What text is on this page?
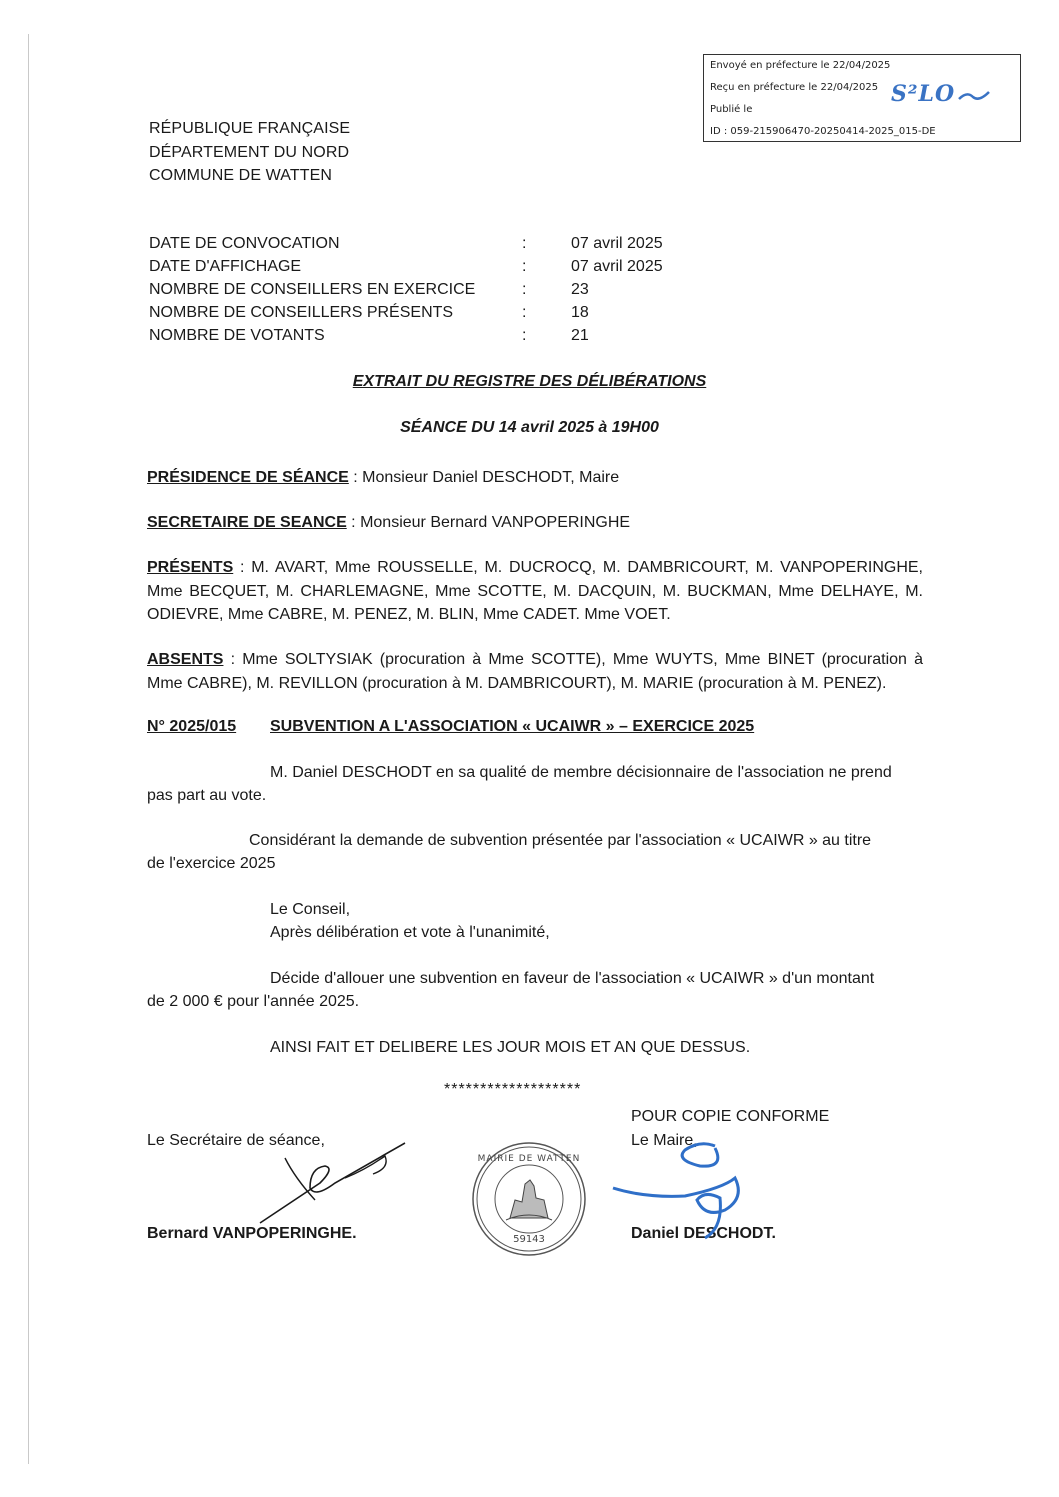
Envoyé en préfecture le 22/04/2025
Reçu en préfecture le 22/04/2025
Publié le
ID : 059-215906470-20250414-2025_015-DE
S²LO
RÉPUBLIQUE FRANÇAISE
DÉPARTEMENT DU NORD
COMMUNE DE WATTEN
DATE DE CONVOCATION	:	07 avril 2025
DATE D'AFFICHAGE	:	07 avril 2025
NOMBRE DE CONSEILLERS EN EXERCICE	:	23
NOMBRE DE CONSEILLERS PRÉSENTS	:	18
NOMBRE DE VOTANTS	:	21
EXTRAIT DU REGISTRE DES DÉLIBÉRATIONS
SÉANCE DU 14 avril 2025 à 19H00
PRÉSIDENCE DE SÉANCE : Monsieur Daniel DESCHODT, Maire
SECRETAIRE DE SEANCE : Monsieur Bernard VANPOPERINGHE
PRÉSENTS : M. AVART, Mme ROUSSELLE, M. DUCROCQ, M. DAMBRICOURT, M. VANPOPERINGHE, Mme BECQUET, M. CHARLEMAGNE, Mme SCOTTE, M. DACQUIN, M. BUCKMAN, Mme DELHAYE, M. ODIEVRE, Mme CABRE, M. PENEZ, M. BLIN, Mme CADET. Mme VOET.
ABSENTS : Mme SOLTYSIAK (procuration à Mme SCOTTE), Mme WUYTS, Mme BINET (procuration à Mme CABRE), M. REVILLON (procuration à M. DAMBRICOURT), M. MARIE (procuration à M. PENEZ).
N° 2025/015 SUBVENTION A L'ASSOCIATION « UCAIWR » – EXERCICE 2025
M. Daniel DESCHODT en sa qualité de membre décisionnaire de l'association ne prend
pas part au vote.
Considérant la demande de subvention présentée par l'association « UCAIWR » au titre
de l'exercice 2025
Le Conseil,
Après délibération et vote à l'unanimité,
Décide d'allouer une subvention en faveur de l'association « UCAIWR » d'un montant
de 2 000 € pour l'année 2025.
AINSI FAIT ET DELIBERE LES JOUR MOIS ET AN QUE DESSUS.
*******************
POUR COPIE CONFORME
Le Secrétaire de séance,	Le Maire,
Bernard VANPOPERINGHE.	Daniel DESCHODT.
MAIRIE DE WATTEN
59143
